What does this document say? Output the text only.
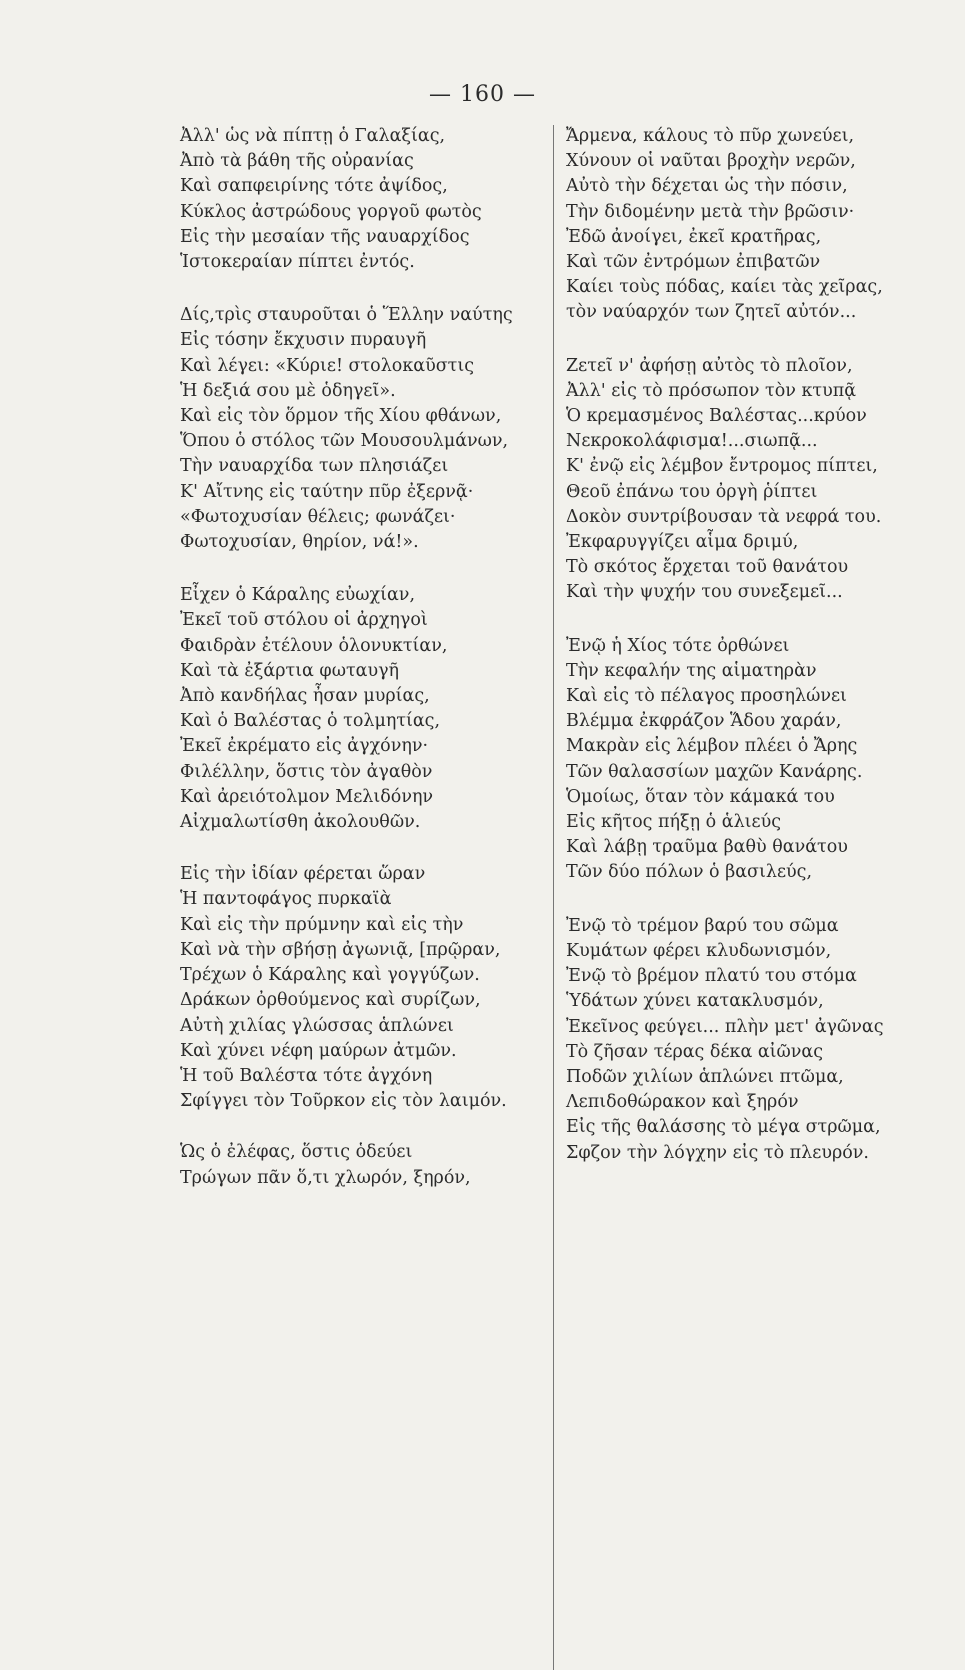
— 160 —
Ἀλλ' ὡς νὰ πίπτῃ ὁ Γαλαξίας,
Ἀπὸ τὰ βάθη τῆς οὐρανίας
Καὶ σαπφειρίνης τότε ἀψίδος,
Κύκλος ἀστρώδους γοργοῦ φωτὸς
Εἰς τὴν μεσαίαν τῆς ναυαρχίδος
Ἱστοκεραίαν πίπτει ἐντός.
Δίς,τρὶς σταυροῦται ὁ Ἕλλην ναύτης
Εἰς τόσην ἔκχυσιν πυραυγῆ
Καὶ λέγει: «Κύριε! στολοκαῦστις
Ἡ δεξιά σου μὲ ὁδηγεῖ».
Καὶ εἰς τὸν ὅρμον τῆς Χίου φθάνων,
Ὅπου ὁ στόλος τῶν Μουσουλμάνων,
Τὴν ναυαρχίδα των πλησιάζει
Κ' Αἴτνης εἰς ταύτην πῦρ ἐξερνᾷ·
«Φωτοχυσίαν θέλεις; φωνάζει·
Φωτοχυσίαν, θηρίον, νά!».
Εἶχεν ὁ Κάραλης εὐωχίαν,
Ἐκεῖ τοῦ στόλου οἱ ἀρχηγοὶ
Φαιδρὰν ἐτέλουν ὁλονυκτίαν,
Καὶ τὰ ἐξάρτια φωταυγῆ
Ἀπὸ κανδήλας ἦσαν μυρίας,
Καὶ ὁ Βαλέστας ὁ τολμητίας,
Ἐκεῖ ἐκρέματο εἰς ἀγχόνην·
Φιλέλλην, ὅστις τὸν ἀγαθὸν
Καὶ ἀρειότολμον Μελιδόνην
Αἰχμαλωτίσθη ἀκολουθῶν.
Εἰς τὴν ἰδίαν φέρεται ὥραν
Ἡ παντοφάγος πυρκαϊὰ
Καὶ εἰς τὴν πρύμνην καὶ εἰς τὴν
Καὶ νὰ τὴν σβήσῃ ἀγωνιᾷ, [πρῷραν,
Τρέχων ὁ Κάραλης καὶ γογγύζων.
Δράκων ὀρθούμενος καὶ συρίζων,
Αὐτὴ χιλίας γλώσσας ἁπλώνει
Καὶ χύνει νέφη μαύρων ἀτμῶν.
Ἡ τοῦ Βαλέστα τότε ἀγχόνη
Σφίγγει τὸν Τοῦρκον εἰς τὸν λαιμόν.
Ὡς ὁ ἐλέφας, ὅστις ὁδεύει
Τρώγων πᾶν ὅ,τι χλωρόν, ξηρόν,
Ἄρμενα, κάλους τὸ πῦρ χωνεύει,
Χύνουν οἱ ναῦται βροχὴν νερῶν,
Αὐτὸ τὴν δέχεται ὡς τὴν πόσιν,
Τὴν διδομένην μετὰ τὴν βρῶσιν·
Ἐδῶ ἀνοίγει, ἐκεῖ κρατῆρας,
Καὶ τῶν ἐντρόμων ἐπιβατῶν
Καίει τοὺς πόδας, καίει τὰς χεῖρας,
τὸν ναύαρχόν των ζητεῖ αὐτόν...
Ζετεῖ ν' ἀφήσῃ αὐτὸς τὸ πλοῖον,
Ἀλλ' εἰς τὸ πρόσωπον τὸν κτυπᾷ
Ὁ κρεμασμένος Βαλέστας...κρύον
Νεκροκολάφισμα!...σιωπᾷ...
Κ' ἐνῷ εἰς λέμβον ἔντρομος πίπτει,
Θεοῦ ἐπάνω του ὀργὴ ῥίπτει
Δοκὸν συντρίβουσαν τὰ νεφρά του.
Ἐκφαρυγγίζει αἷμα δριμύ,
Τὸ σκότος ἔρχεται τοῦ θανάτου
Καὶ τὴν ψυχήν του συνεξεμεῖ...
Ἐνῷ ἡ Χίος τότε ὀρθώνει
Τὴν κεφαλήν της αἱματηρὰν
Καὶ εἰς τὸ πέλαγος προσηλώνει
Βλέμμα ἐκφράζον Ἅδου χαράν,
Μακρὰν εἰς λέμβον πλέει ὁ Ἄρης
Τῶν θαλασσίων μαχῶν Κανάρης.
Ὁμοίως, ὅταν τὸν κάμακά του
Εἰς κῆτος πήξῃ ὁ ἁλιεύς
Καὶ λάβῃ τραῦμα βαθὺ θανάτου
Τῶν δύο πόλων ὁ βασιλεύς,
Ἐνῷ τὸ τρέμον βαρύ του σῶμα
Κυμάτων φέρει κλυδωνισμόν,
Ἐνῷ τὸ βρέμον πλατύ του στόμα
Ὑδάτων χύνει κατακλυσμόν,
Ἐκεῖνος φεύγει... πλὴν μετ' ἀγῶνας
Τὸ ζῆσαν τέρας δέκα αἰῶνας
Ποδῶν χιλίων ἁπλώνει πτῶμα,
Λεπιδοθώρακον καὶ ξηρόν
Εἰς τῆς θαλάσσης τὸ μέγα στρῶμα,
Σφζον τὴν λόγχην εἰς τὸ πλευρόν.
